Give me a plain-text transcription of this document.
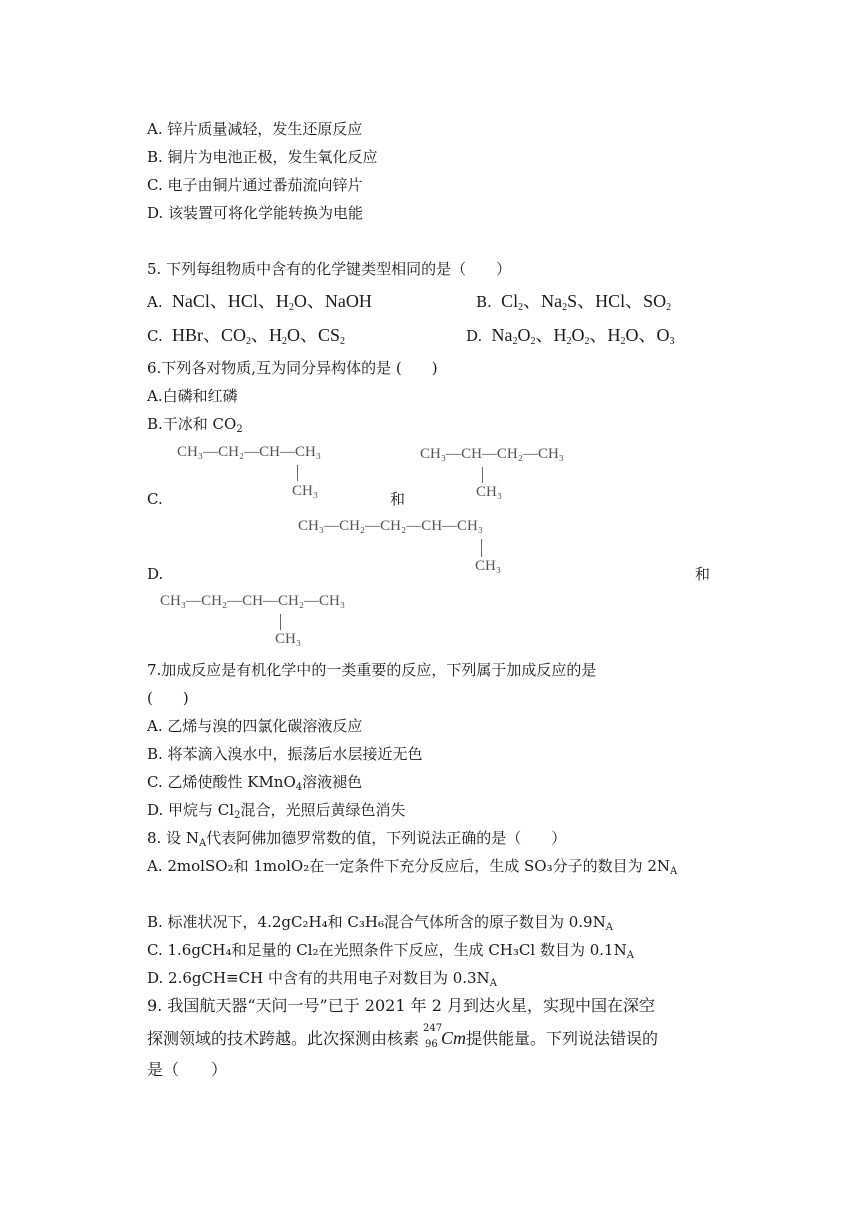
A. 锌片质量减轻，发生还原反应
B. 铜片为电池正极，发生氧化反应
C. 电子由铜片通过番茄流向锌片
D. 该装置可将化学能转换为电能
5. 下列每组物质中含有的化学键类型相同的是（　　）
A.  NaCl、HCl、$H_2O$、NaOH	B.  $Cl_2$、$Na_2S$、HCl、$SO_2$
C.  HBr、$CO_2$、$H_2O$、$CS_2$	D.  $Na_2O_2$、$H_2O_2$、$H_2O$、$O_3$
6.下列各对物质,互为同分异构体的是 (　　)
A.白磷和红磷
B.干冰和 $CO_2$
CH₃—CH₂—CH—CH₃
CH₃
CH₃—CH—CH₂—CH₃
CH₃
C.	和
CH₃—CH₂—CH₂—CH—CH₃
CH₃
D.	和
CH₃—CH₂—CH—CH₂—CH₃
CH₃
7.加成反应是有机化学中的一类重要的反应，下列属于加成反应的是
(　　)
A. 乙烯与溴的四氯化碳溶液反应
B. 将苯滴入溴水中，振荡后水层接近无色
C. 乙烯使酸性 KMnO$_4$溶液褪色
D. 甲烷与 $Cl_2$混合，光照后黄绿色消失
8. 设 $N_A$代表阿佛加德罗常数的值，下列说法正确的是（　　）
A. 2molSO₂和 1molO₂在一定条件下充分反应后，生成 SO₃分子的数目为 $2N_A$
B. 标准状况下，4.2gC₂H₄和 C₃H₆混合气体所含的原子数目为 $0.9N_A$
C. 1.6gCH₄和足量的 Cl₂在光照条件下反应，生成 CH₃Cl 数目为 $0.1N_A$
D. 2.6gCH≡CH 中含有的共用电子对数目为 $0.3N_A$
9. 我国航天器“天问一号”已于 2021 年 2 月到达火星，实现中国在深空
探测领域的技术跨越。此次探测由核素
247
96 Cm提供能量。下列说法错误的
是（　　）
